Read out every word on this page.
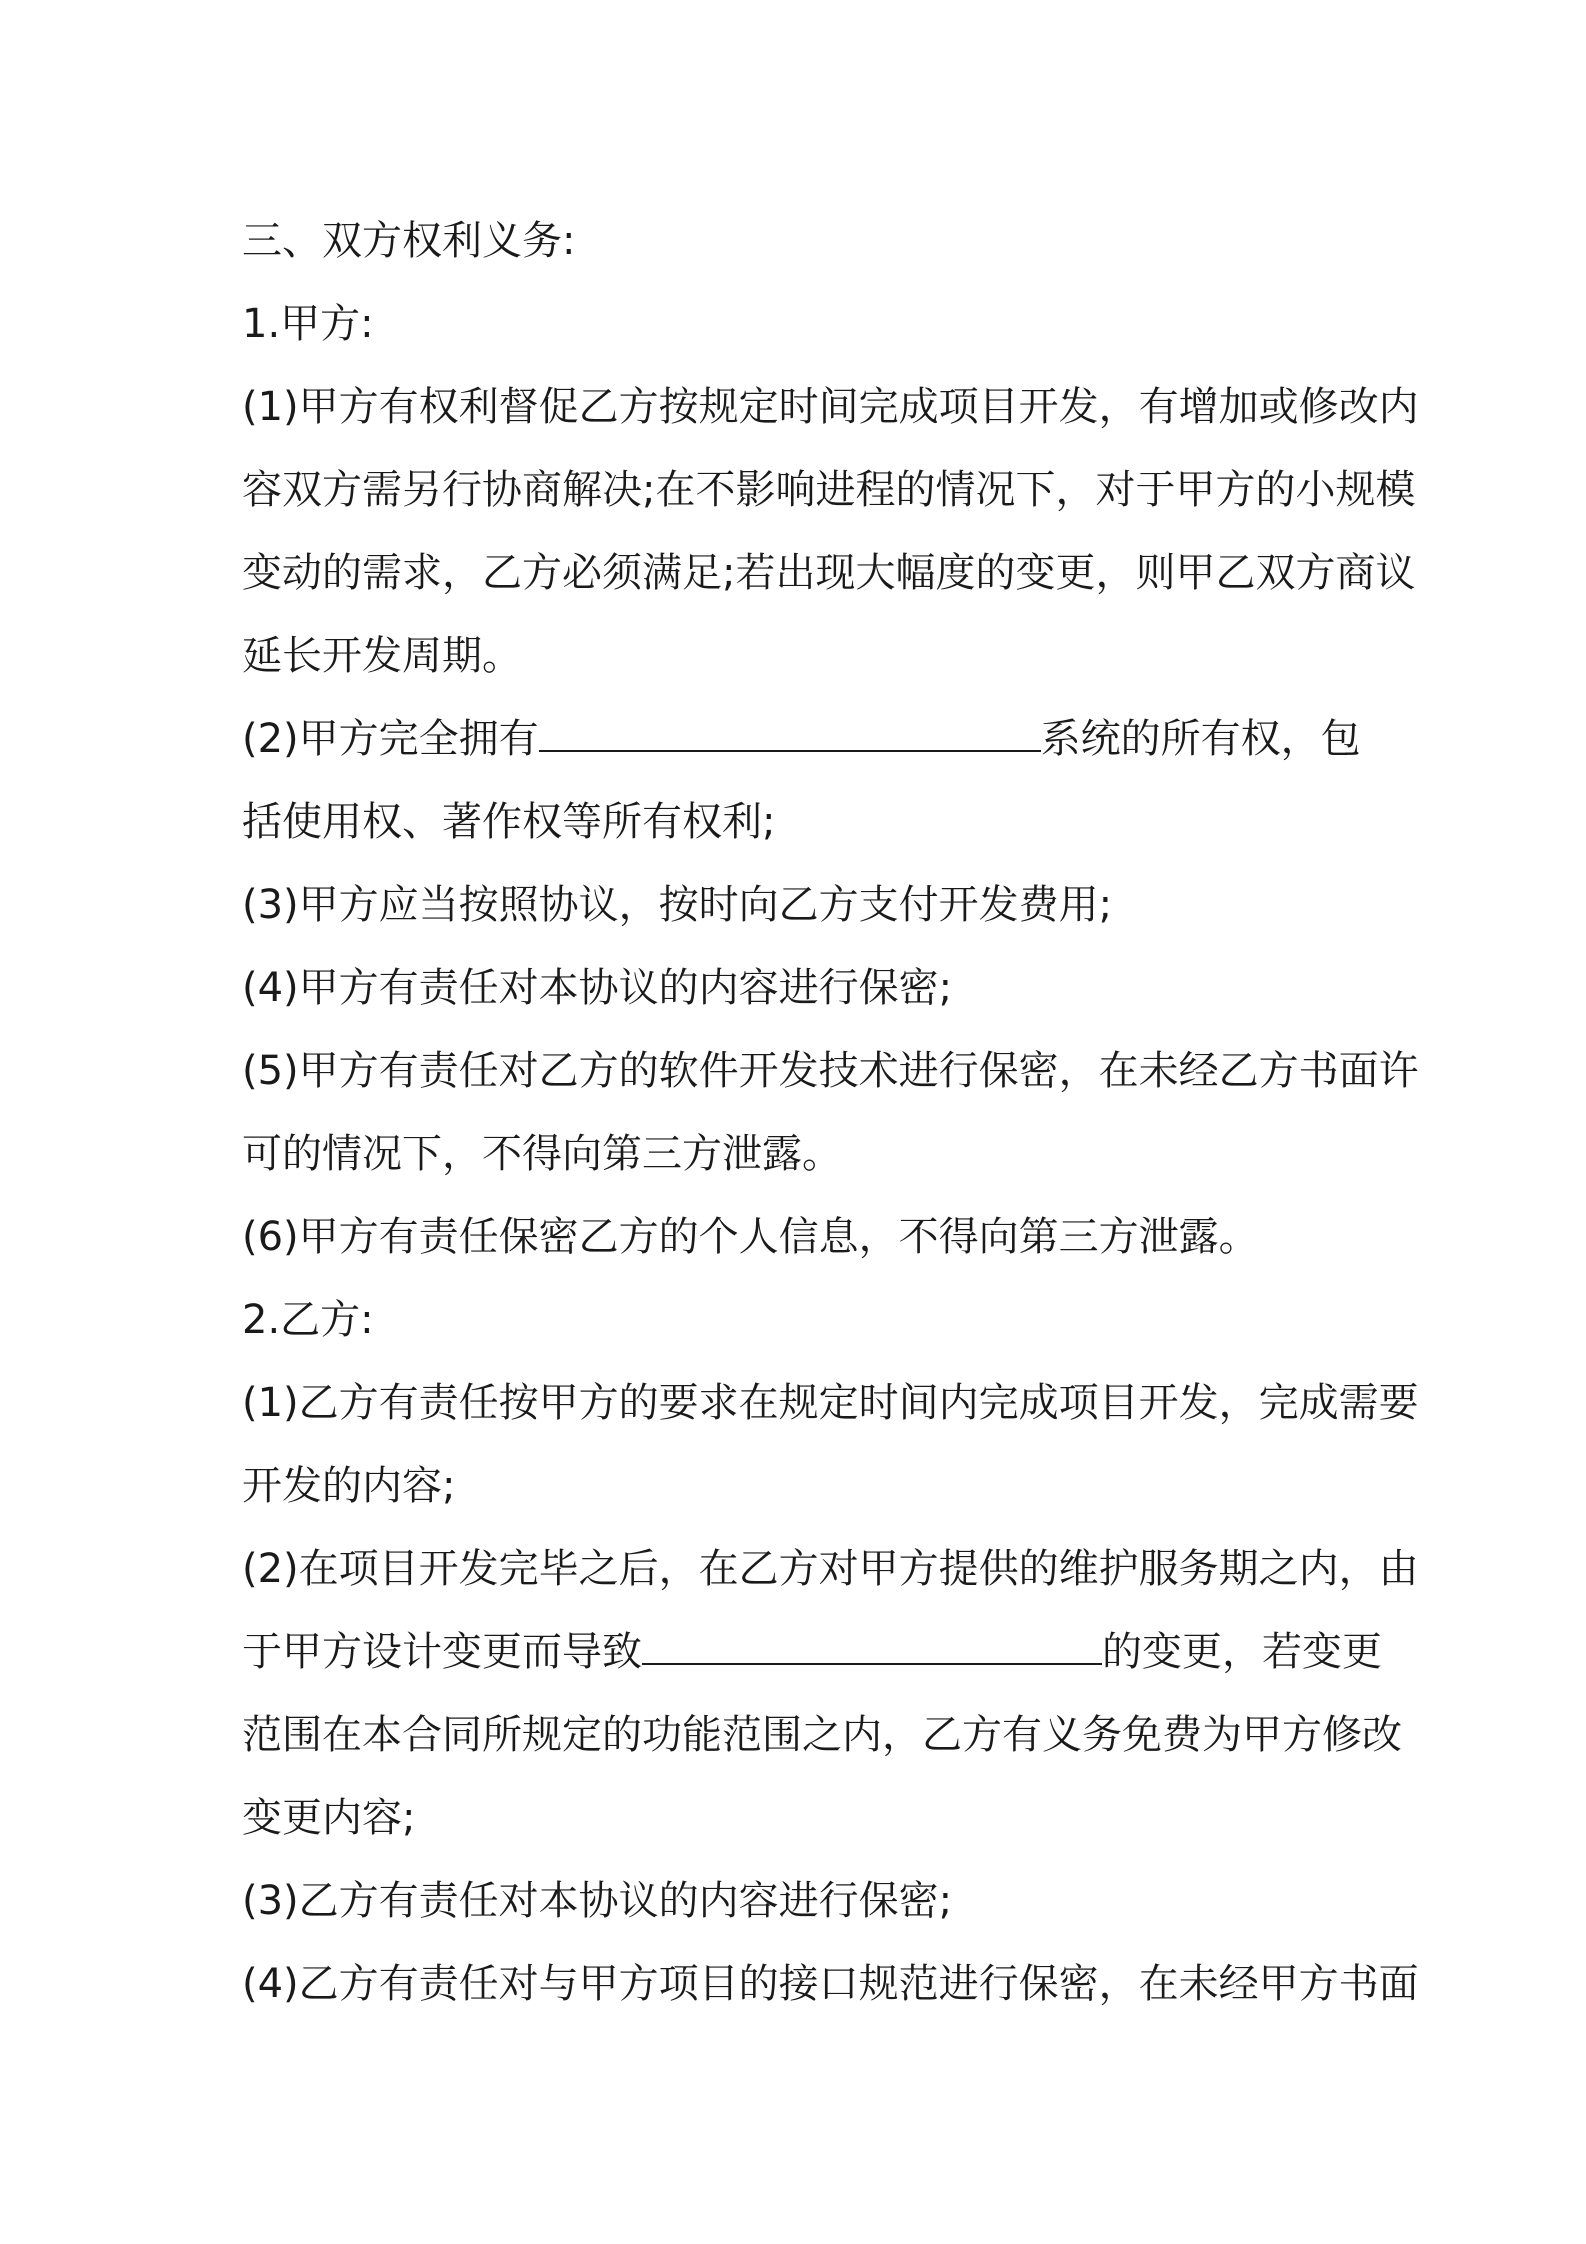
三、双方权利义务:
1.甲方:
(1)甲方有权利督促乙方按规定时间完成项目开发，有增加或修改内
容双方需另行协商解决;在不影响进程的情况下，对于甲方的小规模
变动的需求，乙方必须满足;若出现大幅度的变更，则甲乙双方商议
延长开发周期。
(2)甲方完全拥有	系统的所有权，包
括使用权、著作权等所有权利;
(3)甲方应当按照协议，按时向乙方支付开发费用;
(4)甲方有责任对本协议的内容进行保密;
(5)甲方有责任对乙方的软件开发技术进行保密，在未经乙方书面许
可的情况下，不得向第三方泄露。
(6)甲方有责任保密乙方的个人信息，不得向第三方泄露。
2.乙方:
(1)乙方有责任按甲方的要求在规定时间内完成项目开发，完成需要
开发的内容;
(2)在项目开发完毕之后，在乙方对甲方提供的维护服务期之内，由
于甲方设计变更而导致	的变更，若变更
范围在本合同所规定的功能范围之内，乙方有义务免费为甲方修改
变更内容;
(3)乙方有责任对本协议的内容进行保密;
(4)乙方有责任对与甲方项目的接口规范进行保密，在未经甲方书面
